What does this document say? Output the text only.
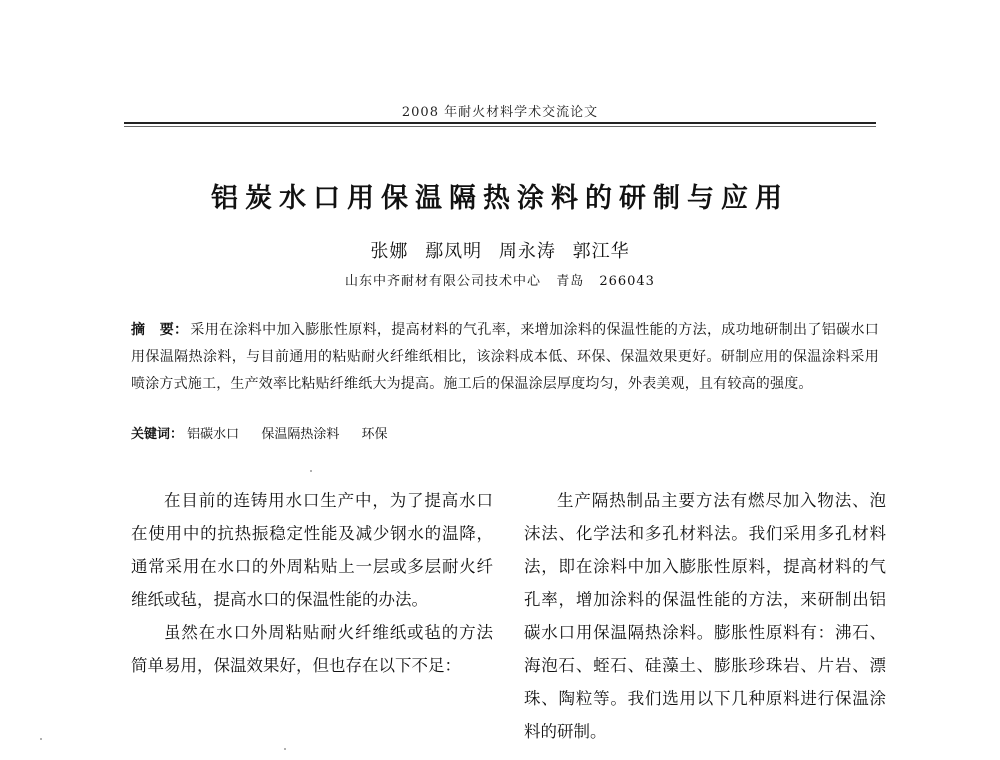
2008 年耐火材料学术交流论文
铝炭水口用保温隔热涂料的研制与应用
张娜 鄢凤明 周永涛 郭江华
山东中齐耐材有限公司技术中心 青岛 266043
摘　要： 采用在涂料中加入膨胀性原料，提高材料的气孔率，来增加涂料的保温性能的方法，成功地研制出了铝碳水口用保温隔热涂料，与目前通用的粘贴耐火纤维纸相比，该涂料成本低、环保、保温效果更好。研制应用的保温涂料采用喷涂方式施工，生产效率比粘贴纤维纸大为提高。施工后的保温涂层厚度均匀，外表美观，且有较高的强度。
关键词： 铝碳水口 保温隔热涂料 环保

在目前的连铸用水口生产中，为了提高水口在使用中的抗热振稳定性能及减少钢水的温降，通常采用在水口的外周粘贴上一层或多层耐火纤维纸或毡，提高水口的保温性能的办法。

虽然在水口外周粘贴耐火纤维纸或毡的方法简单易用，保温效果好，但也存在以下不足：

生产隔热制品主要方法有燃尽加入物法、泡沫法、化学法和多孔材料法。我们采用多孔材料法，即在涂料中加入膨胀性原料，提高材料的气孔率，增加涂料的保温性能的方法，来研制出铝碳水口用保温隔热涂料。膨胀性原料有：沸石、海泡石、蛭石、硅藻土、膨胀珍珠岩、片岩、漂珠、陶粒等。我们选用以下几种原料进行保温涂料的研制。
